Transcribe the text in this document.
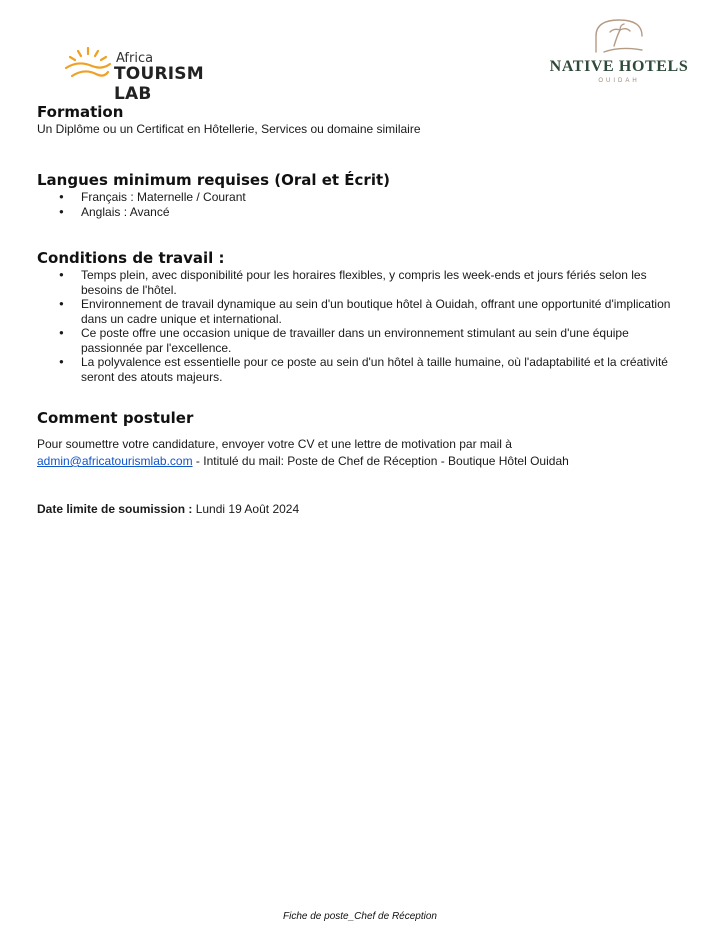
Africa
TOURISM LAB
NATIVE HOTELS
OUIDAH
Formation

Un Diplôme ou un Certificat en Hôtellerie, Services ou domaine similaire

Langues minimum requises (Oral et Écrit)
● Français : Maternelle / Courant
● Anglais : Avancé
Conditions de travail :
● Temps plein, avec disponibilité pour les horaires flexibles, y compris les week-ends et jours fériés selon les besoins de l'hôtel.
● Environnement de travail dynamique au sein d'un boutique hôtel à Ouidah, offrant une opportunité d'implication dans un cadre unique et international.
● Ce poste offre une occasion unique de travailler dans un environnement stimulant au sein d'une équipe passionnée par l'excellence.
● La polyvalence est essentielle pour ce poste au sein d'un hôtel à taille humaine, où l'adaptabilité et la créativité seront des atouts majeurs.
Comment postuler
Pour soumettre votre candidature, envoyer votre CV et une lettre de motivation par mail à
admin@africatourismlab.com - Intitulé du mail: Poste de Chef de Réception - Boutique Hôtel Ouidah
Date limite de soumission : Lundi 19 Août 2024
Fiche de poste_Chef de Réception
